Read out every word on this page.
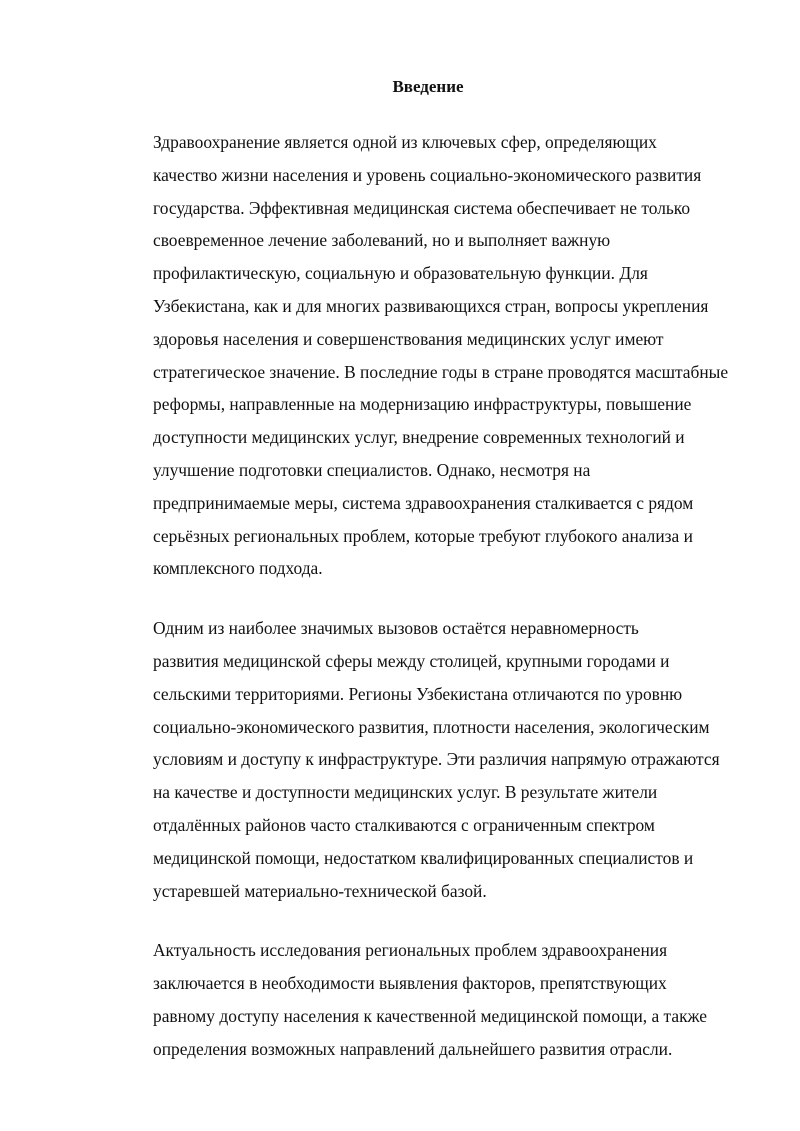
Введение

Здравоохранение является одной из ключевых сфер, определяющих
качество жизни населения и уровень социально-экономического развития
государства. Эффективная медицинская система обеспечивает не только
своевременное лечение заболеваний, но и выполняет важную
профилактическую, социальную и образовательную функции. Для
Узбекистана, как и для многих развивающихся стран, вопросы укрепления
здоровья населения и совершенствования медицинских услуг имеют
стратегическое значение. В последние годы в стране проводятся масштабные
реформы, направленные на модернизацию инфраструктуры, повышение
доступности медицинских услуг, внедрение современных технологий и
улучшение подготовки специалистов. Однако, несмотря на
предпринимаемые меры, система здравоохранения сталкивается с рядом
серьёзных региональных проблем, которые требуют глубокого анализа и
комплексного подхода.

Одним из наиболее значимых вызовов остаётся неравномерность
развития медицинской сферы между столицей, крупными городами и
сельскими территориями. Регионы Узбекистана отличаются по уровню
социально-экономического развития, плотности населения, экологическим
условиям и доступу к инфраструктуре. Эти различия напрямую отражаются
на качестве и доступности медицинских услуг. В результате жители
отдалённых районов часто сталкиваются с ограниченным спектром
медицинской помощи, недостатком квалифицированных специалистов и
устаревшей материально-технической базой.

Актуальность исследования региональных проблем здравоохранения
заключается в необходимости выявления факторов, препятствующих
равному доступу населения к качественной медицинской помощи, а также
определения возможных направлений дальнейшего развития отрасли.
